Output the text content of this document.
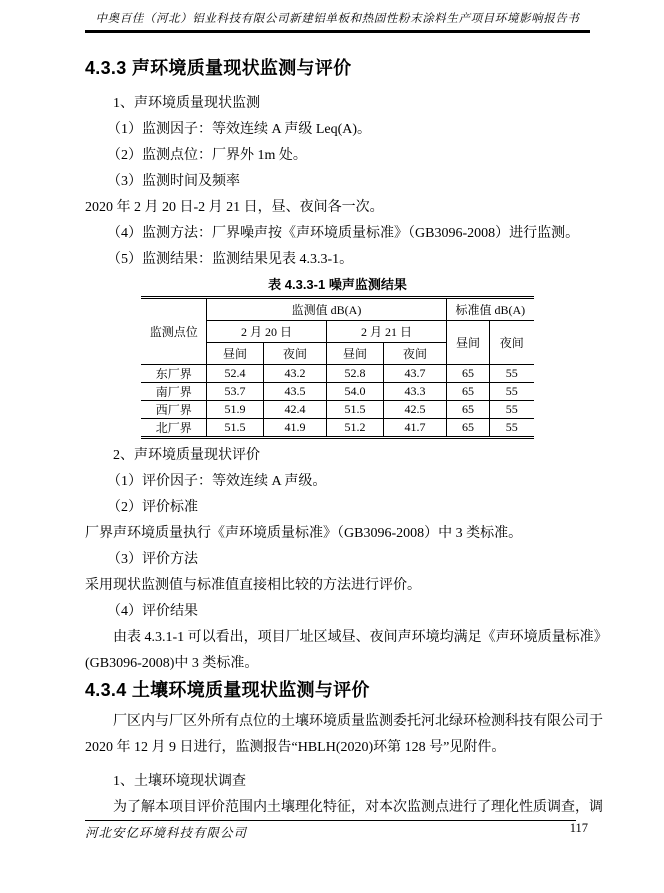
中奥百佳（河北）铝业科技有限公司新建铝单板和热固性粉末涂料生产项目环境影响报告书
4.3.3 声环境质量现状监测与评价

1、声环境质量现状监测

（1）监测因子：等效连续 A 声级 Leq(A)。

（2）监测点位：厂界外 1m 处。

（3）监测时间及频率

2020 年 2 月 20 日-2 月 21 日，昼、夜间各一次。

（4）监测方法：厂界噪声按《声环境质量标准》（GB3096-2008）进行监测。

（5）监测结果：监测结果见表 4.3.3-1。

表 4.3.3-1 噪声监测结果

监测点位	监测值 dB(A)				标准值 dB(A)	
	2 月 20 日		2 月 21 日		昼间	夜间
	昼间	夜间	昼间	夜间		
东厂界	52.4	43.2	52.8	43.7	65	55
南厂界	53.7	43.5	54.0	43.3	65	55
西厂界	51.9	42.4	51.5	42.5	65	55
北厂界	51.5	41.9	51.2	41.7	65	55

2、声环境质量现状评价

（1）评价因子：等效连续 A 声级。

（2）评价标准

厂界声环境质量执行《声环境质量标准》（GB3096-2008）中 3 类标准。

（3）评价方法

采用现状监测值与标准值直接相比较的方法进行评价。

（4）评价结果

由表 4.3.1-1 可以看出，项目厂址区域昼、夜间声环境均满足《声环境质量标准》

(GB3096-2008)中 3 类标准。

4.3.4 土壤环境质量现状监测与评价

厂区内与厂区外所有点位的土壤环境质量监测委托河北绿环检测科技有限公司于

2020 年 12 月 9 日进行，监测报告“HBLH(2020)环第 128 号”见附件。

1、土壤环境现状调查

为了解本项目评价范围内土壤理化特征，对本次监测点进行了理化性质调查，调

河北安亿环境科技有限公司	117
